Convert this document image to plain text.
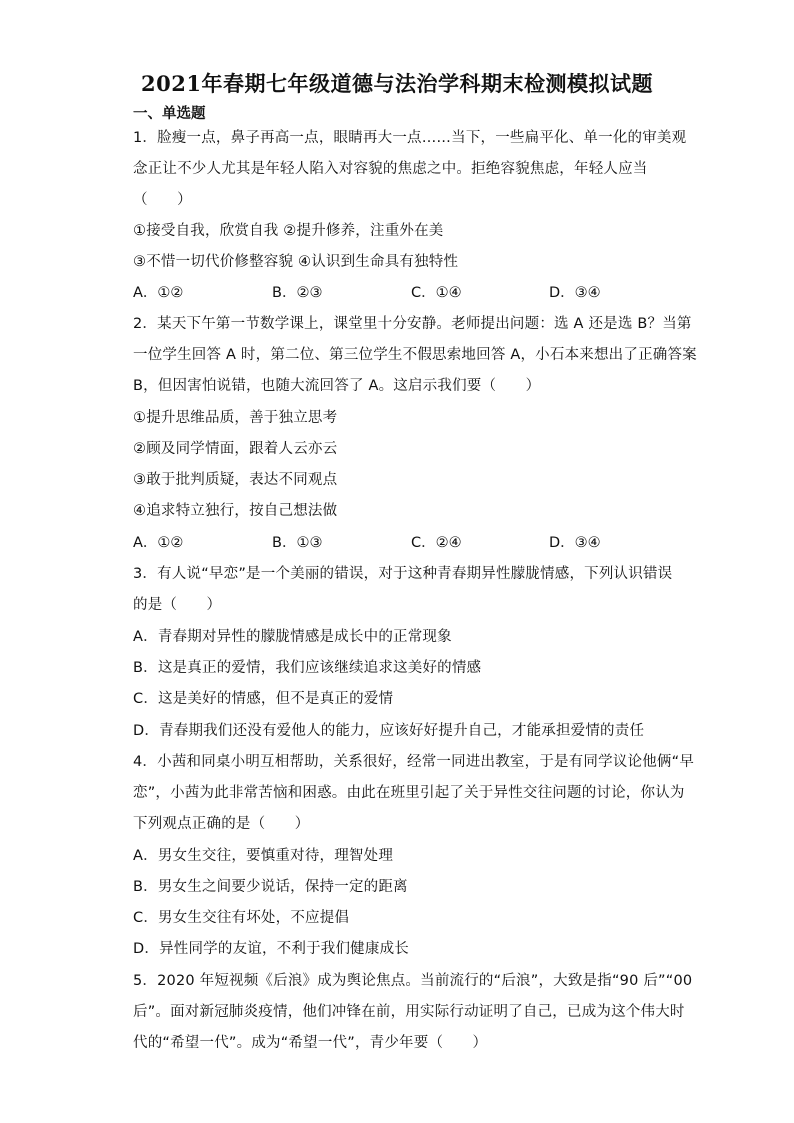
2021年春期七年级道德与法治学科期末检测模拟试题
一、单选题
1．脸瘦一点，鼻子再高一点，眼睛再大一点……当下，一些扁平化、单一化的审美观
念正让不少人尤其是年轻人陷入对容貌的焦虑之中。拒绝容貌焦虑，年轻人应当
（　　）
①接受自我，欣赏自我 ②提升修养，注重外在美
③不惜一切代价修整容貌 ④认识到生命具有独特性
A．①②	B．②③	C．①④	D．③④
2．某天下午第一节数学课上，课堂里十分安静。老师提出问题：选 A 还是选 B？当第
一位学生回答 A 时，第二位、第三位学生不假思索地回答 A，小石本来想出了正确答案
B，但因害怕说错，也随大流回答了 A。这启示我们要（　　）
①提升思维品质，善于独立思考
②顾及同学情面，跟着人云亦云
③敢于批判质疑，表达不同观点
④追求特立独行，按自己想法做
A．①②	B．①③	C．②④	D．③④
3．有人说“早恋”是一个美丽的错误，对于这种青春期异性朦胧情感，下列认识错误
的是（　　）
A．青春期对异性的朦胧情感是成长中的正常现象
B．这是真正的爱情，我们应该继续追求这美好的情感
C．这是美好的情感，但不是真正的爱情
D．青春期我们还没有爱他人的能力，应该好好提升自己，才能承担爱情的责任
4．小茜和同桌小明互相帮助，关系很好，经常一同进出教室，于是有同学议论他俩“早
恋”，小茜为此非常苦恼和困惑。由此在班里引起了关于异性交往问题的讨论，你认为
下列观点正确的是（　　）
A．男女生交往，要慎重对待，理智处理
B．男女生之间要少说话，保持一定的距离
C．男女生交往有坏处，不应提倡
D．异性同学的友谊，不利于我们健康成长
5．2020 年短视频《后浪》成为舆论焦点。当前流行的“后浪”，大致是指“90 后”“00
后”。面对新冠肺炎疫情，他们冲锋在前，用实际行动证明了自己，已成为这个伟大时
代的“希望一代”。成为“希望一代”，青少年要（　　）
